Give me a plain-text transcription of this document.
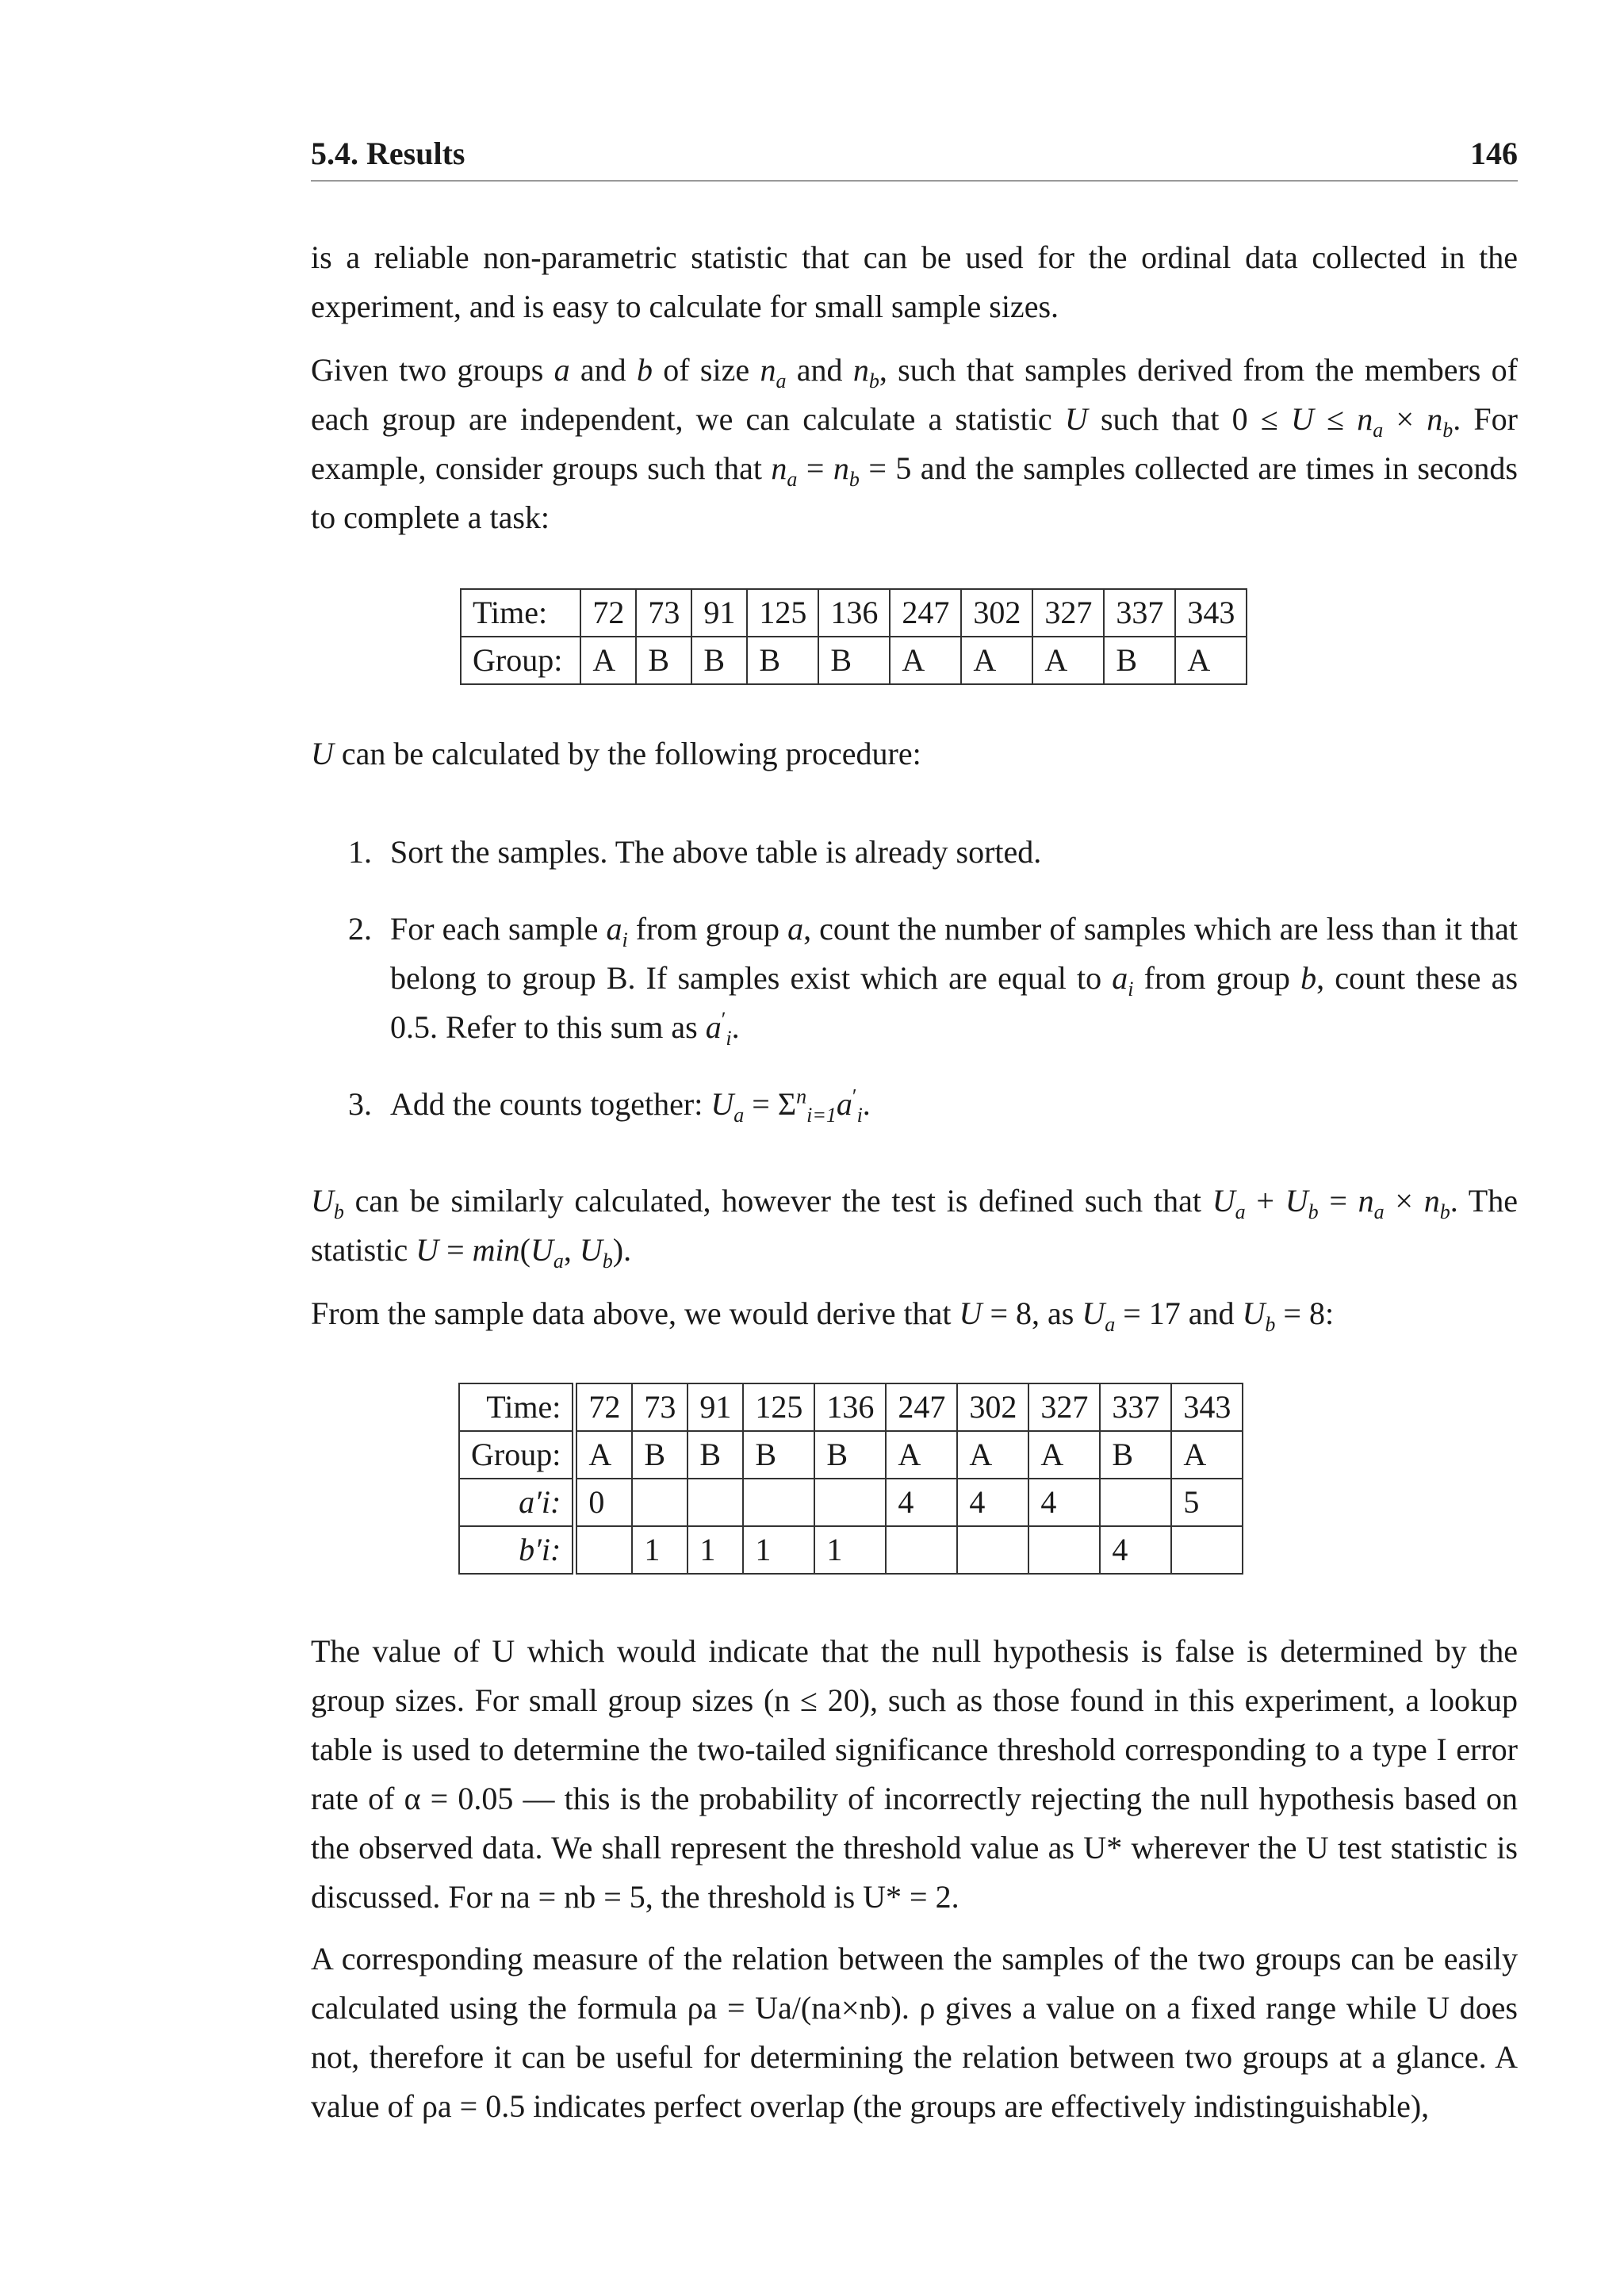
5.4. Results	146

is a reliable non-parametric statistic that can be used for the ordinal data collected in the experiment, and is easy to calculate for small sample sizes.

Given two groups a and b of size $n_a$ and $n_b$, such that samples derived from the members of each group are independent, we can calculate a statistic U such that $0 \le U \le n_a \times n_b$. For example, consider groups such that $n_a = n_b = 5$ and the samples collected are times in seconds to complete a task:

Time:	72	73	91	125	136	247	302	327	337	343
Group:	A	B	B	B	B	A	A	A	B	A

U can be calculated by the following procedure:

1. Sort the samples. The above table is already sorted.
2. For each sample $a_i$ from group a, count the number of samples which are less than it that belong to group B. If samples exist which are equal to $a_i$ from group b, count these as 0.5. Refer to this sum as $a'_i$.
3. Add the counts together: $U_a = \Sigma^n_{i=1}a'_i$.

$U_b$ can be similarly calculated, however the test is defined such that $U_a + U_b = n_a \times n_b$. The statistic $U = \min(U_a$, $U_b$).

From the sample data above, we would derive that U = 8, as $U_a = 17$ and $U_b = 8$:

Time:	72	73	91	125	136	247	302	327	337	343
Group:	A	B	B	B	B	A	A	A	B	A
a′i:	0					4	4	4		5
b′i:		1	1	1	1				4	

The value of U which would indicate that the null hypothesis is false is determined by the group sizes. For small group sizes (n ≤ 20), such as those found in this experiment, a lookup table is used to determine the two-tailed significance threshold corresponding to a type I error rate of α = 0.05 — this is the probability of incorrectly rejecting the null hypothesis based on the observed data. We shall represent the threshold value as U* wherever the U test statistic is discussed. For na = nb = 5, the threshold is U* = 2.

A corresponding measure of the relation between the samples of the two groups can be easily calculated using the formula ρa = Ua/(na×nb). ρ gives a value on a fixed range while U does not, therefore it can be useful for determining the relation between two groups at a glance. A value of ρa = 0.5 indicates perfect overlap (the groups are effectively indistinguishable),
